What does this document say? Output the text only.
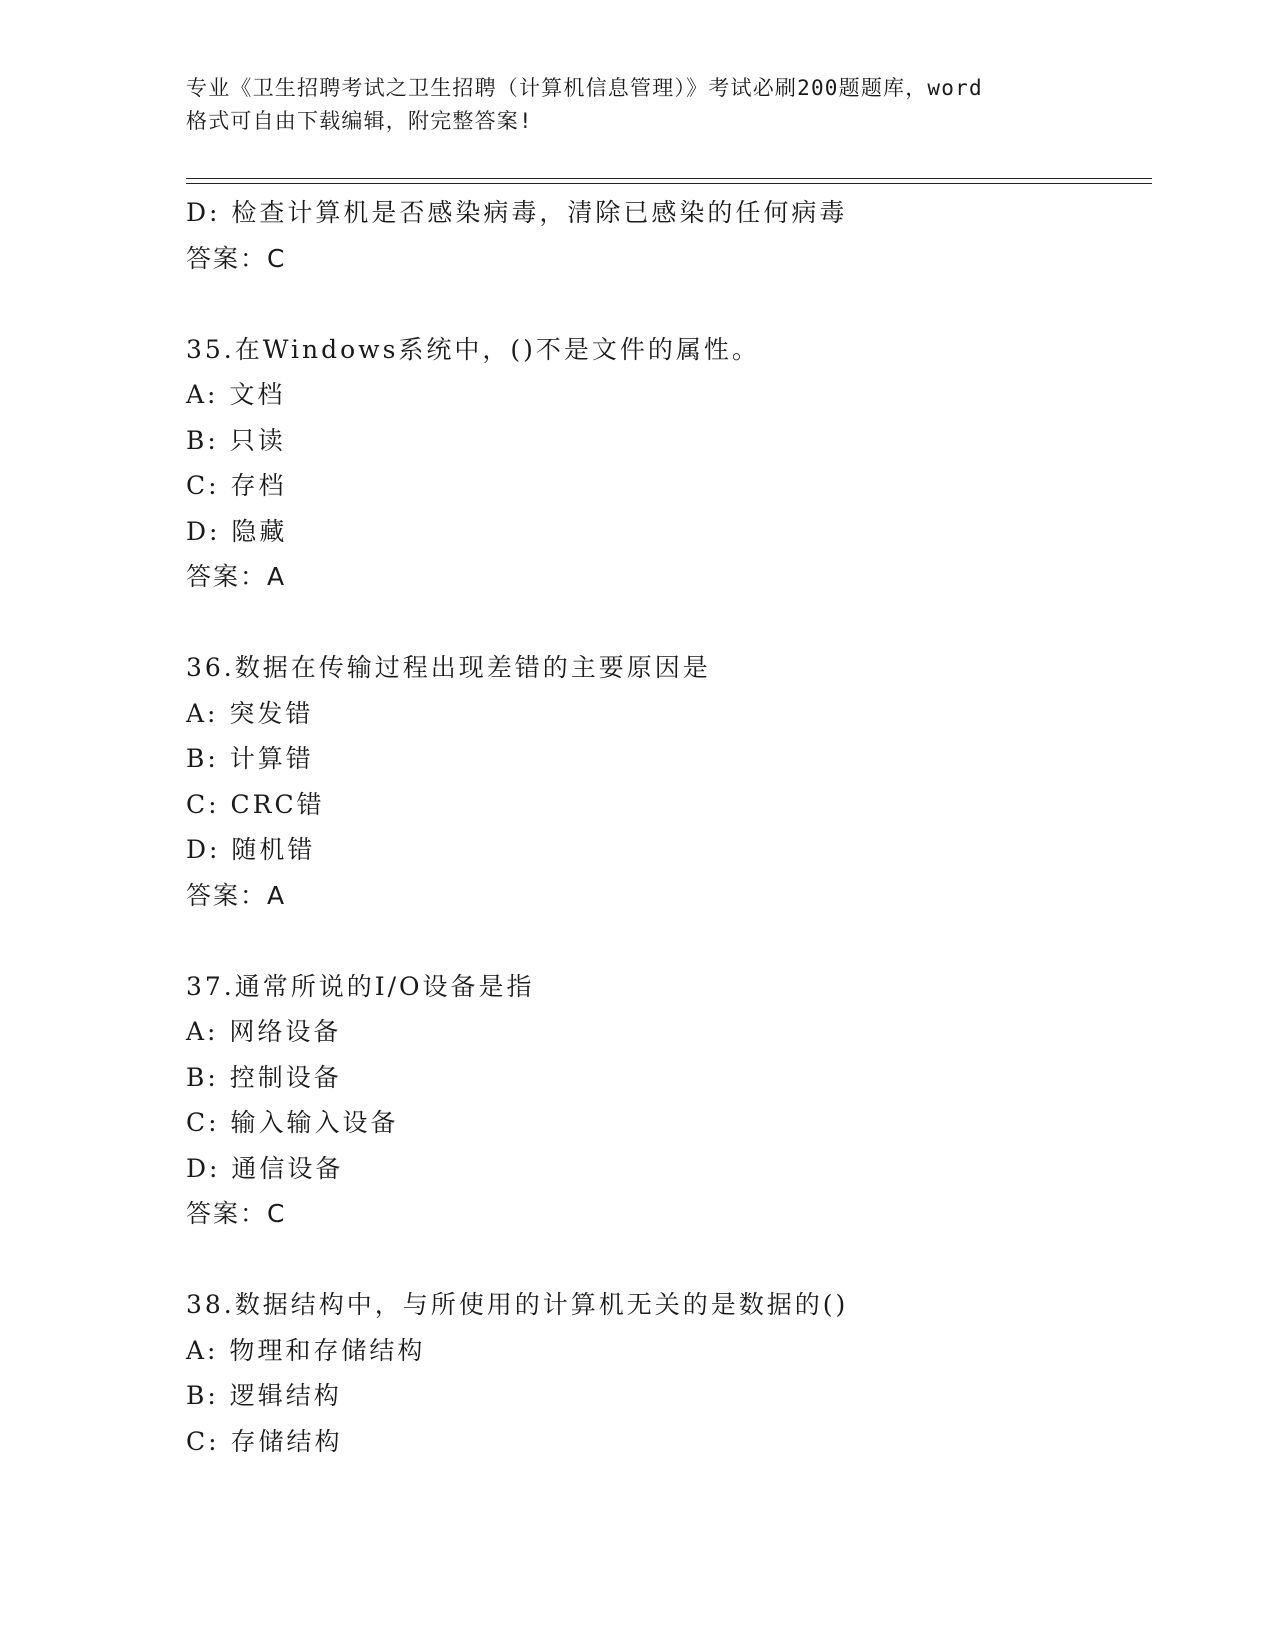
专业《卫生招聘考试之卫生招聘（计算机信息管理）》考试必刷200题题库，word
格式可自由下载编辑，附完整答案!
D: 检查计算机是否感染病毒，清除已感染的任何病毒
答案：C
35.在Windows系统中，()不是文件的属性。
A: 文档
B: 只读
C: 存档
D: 隐藏
答案：A
36.数据在传输过程出现差错的主要原因是
A: 突发错
B: 计算错
C: CRC错
D: 随机错
答案：A
37.通常所说的I/O设备是指
A: 网络设备
B: 控制设备
C: 输入输入设备
D: 通信设备
答案：C
38.数据结构中，与所使用的计算机无关的是数据的()
A: 物理和存储结构
B: 逻辑结构
C: 存储结构
